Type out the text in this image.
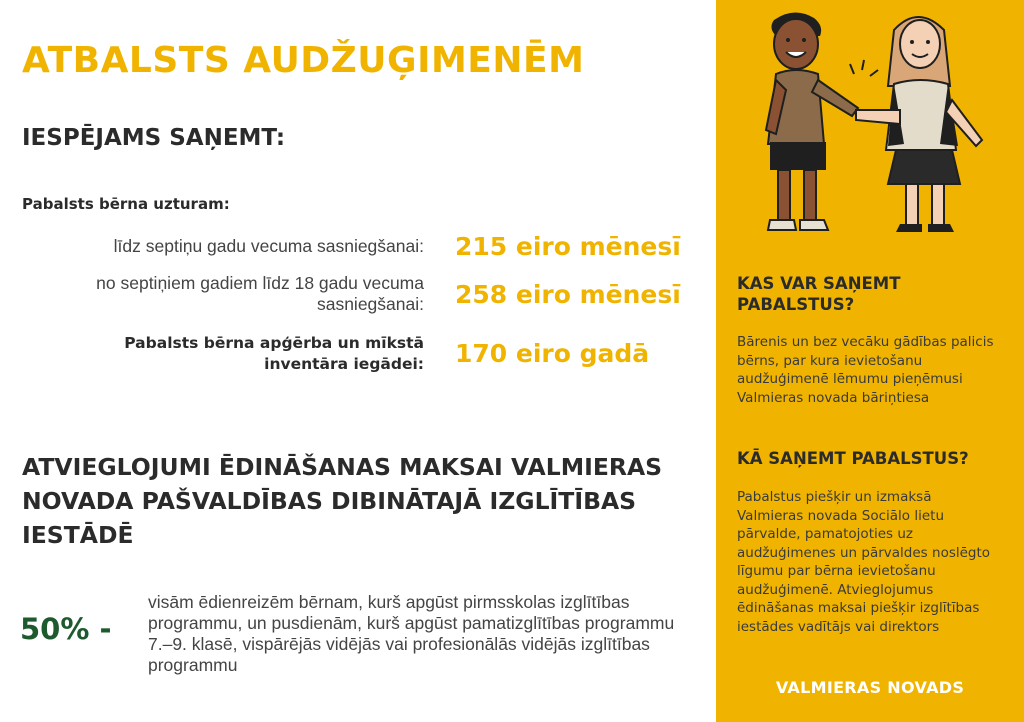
ATBALSTS AUDŽUĢIMENĒM
IESPĒJAMS SAŅEMT:
Pabalsts bērna uzturam:
līdz septiņu gadu vecuma sasniegšanai: 215 eiro mēnesī
no septiņiem gadiem līdz 18 gadu vecuma
sasniegšanai: 258 eiro mēnesī
Pabalsts bērna apģērba un mīkstā
inventāra iegādei: 170 eiro gadā
ATVIEGLOJUMI ĒDINĀŠANAS MAKSAI VALMIERAS NOVADA PAŠVALDĪBAS DIBINĀTAJĀ IZGLĪTĪBAS IESTĀDĒ
50% -
visām ēdienreizēm bērnam, kurš apgūst pirmsskolas izglītības programmu, un pusdienām, kurš apgūst pamatizglītības programmu 7.–9. klasē, vispārējās vidējās vai profesionālās vidējās izglītības programmu
KAS VAR SAŅEMT PABALSTUS?

Bārenis un bez vecāku gādības palicis bērns, par kura ievietošanu audžuģimenē lēmumu pieņēmusi Valmieras novada bāriņtiesa

KĀ SAŅEMT PABALSTUS?

Pabalstus piešķir un izmaksā Valmieras novada Sociālo lietu pārvalde, pamatojoties uz audžuģimenes un pārvaldes noslēgto līgumu par bērna ievietošanu audžuģimenē. Atvieglojumus ēdināšanas maksai piešķir izglītības iestādes vadītājs vai direktors

VALMIERAS NOVADS
